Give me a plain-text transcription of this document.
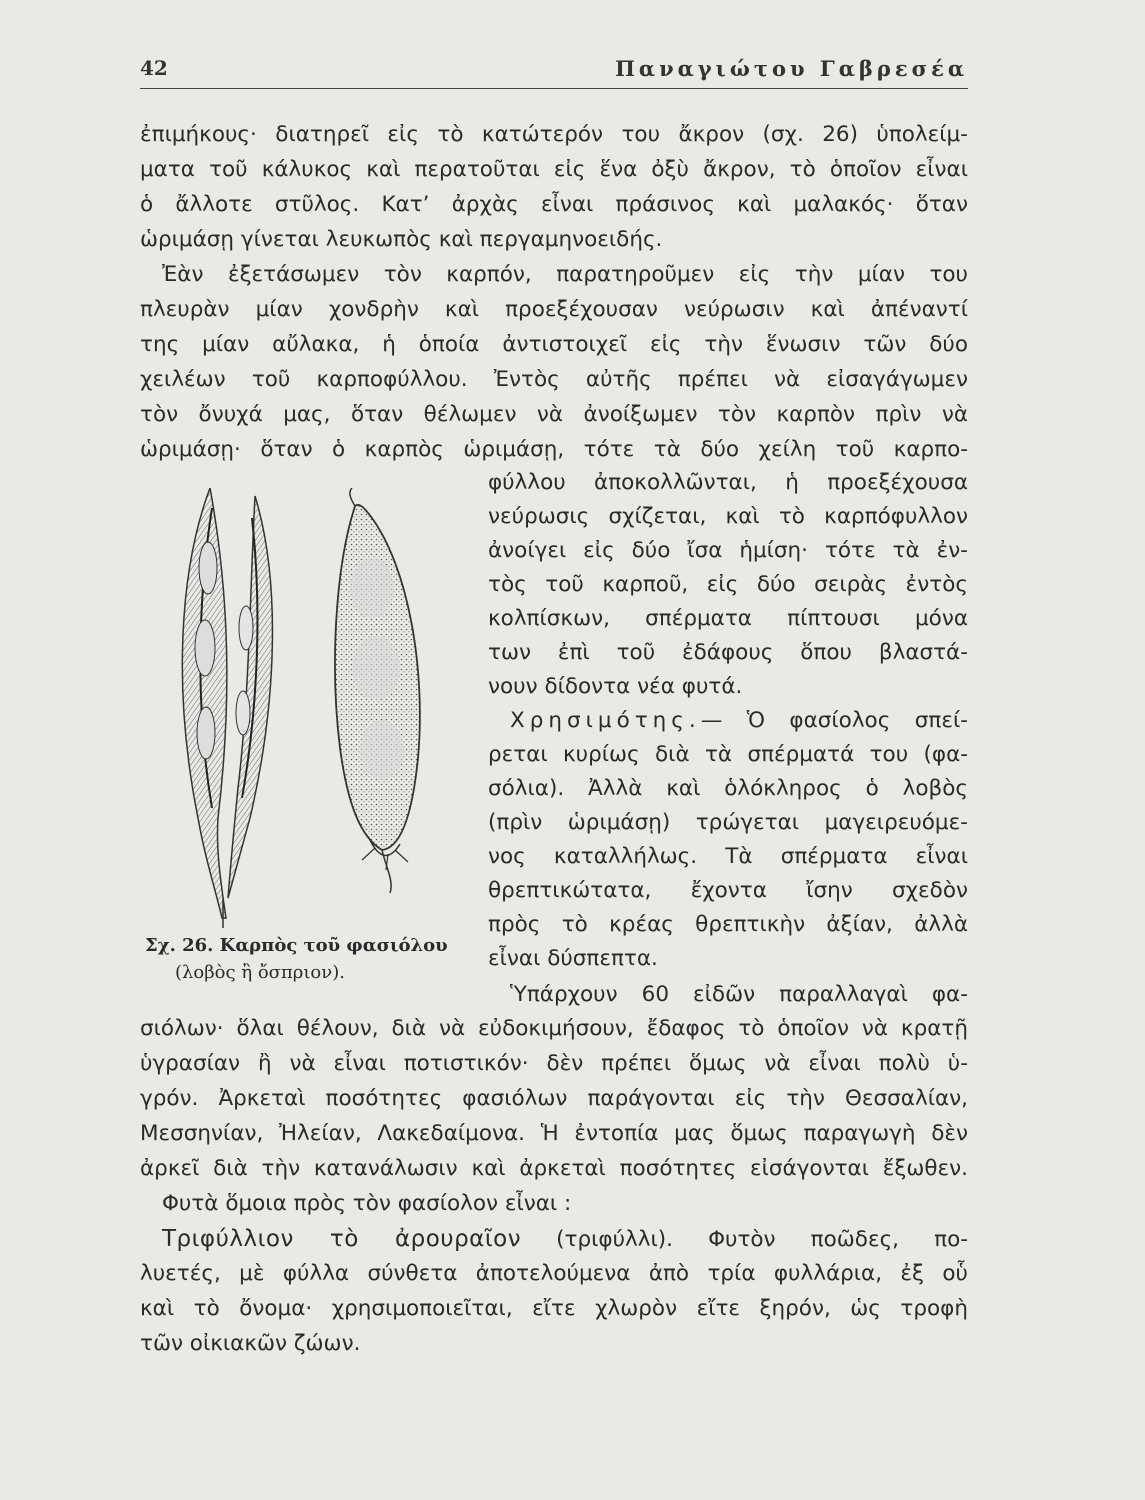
42	Παναγιώτου Γαβρεσέα
ἐπιμήκους· διατηρεῖ εἰς τὸ κατώτερόν του ἄκρον (σχ. 26) ὑπολείμ-
ματα τοῦ κάλυκος καὶ περατοῦται εἰς ἕνα ὀξὺ ἄκρον, τὸ ὁποῖον εἶναι
ὁ ἄλλοτε στῦλος. Κατ’ ἀρχὰς εἶναι πράσινος καὶ μαλακός· ὅταν
ὡριμάσῃ γίνεται λευκωπὸς καὶ περγαμηνοειδής.
Ἐὰν ἐξετάσωμεν τὸν καρπόν, παρατηροῦμεν εἰς τὴν μίαν του
πλευρὰν μίαν χονδρὴν καὶ προεξέχουσαν νεύρωσιν καὶ ἀπέναντί
της μίαν αὔλακα, ἡ ὁποία ἀντιστοιχεῖ εἰς τὴν ἕνωσιν τῶν δύο
χειλέων τοῦ καρποφύλλου. Ἐντὸς αὐτῆς πρέπει νὰ εἰσαγάγωμεν
τὸν ὄνυχά μας, ὅταν θέλωμεν νὰ ἀνοίξωμεν τὸν καρπὸν πρὶν νὰ
ὡριμάσῃ· ὅταν ὁ καρπὸς ὡριμάσῃ, τότε τὰ δύο χείλη τοῦ καρπο-
φύλλου ἀποκολλῶνται, ἡ προεξέχουσα
νεύρωσις σχίζεται, καὶ τὸ καρπόφυλλον
ἀνοίγει εἰς δύο ἴσα ἡμίση· τότε τὰ ἐν-
τὸς τοῦ καρποῦ, εἰς δύο σειρὰς ἐντὸς
κολπίσκων, σπέρματα πίπτουσι μόνα
των ἐπὶ τοῦ ἐδάφους ὅπου βλαστά-
νουν δίδοντα νέα φυτά.
Χρησιμότης.— Ὁ φασίολος σπεί-
ρεται κυρίως διὰ τὰ σπέρματά του (φα-
σόλια). Ἀλλὰ καὶ ὁλόκληρος ὁ λοβὸς
(πρὶν ὡριμάσῃ) τρώγεται μαγειρευόμε-
νος καταλλήλως. Τὰ σπέρματα εἶναι
θρεπτικώτατα, ἔχοντα ἴσην σχεδὸν
πρὸς τὸ κρέας θρεπτικὴν ἀξίαν, ἀλλὰ
εἶναι δύσπεπτα.
Ὑπάρχουν 60 εἰδῶν παραλλαγαὶ φα-
Σχ. 26. Καρπὸς τοῦ φασιόλου
(λοβὸς ἢ ὄσπριον).
σιόλων· ὅλαι θέλουν, διὰ νὰ εὐδοκιμήσουν, ἔδαφος τὸ ὁποῖον νὰ κρατῇ
ὑγρασίαν ἢ νὰ εἶναι ποτιστικόν· δὲν πρέπει ὅμως νὰ εἶναι πολὺ ὑ-
γρόν. Ἀρκεταὶ ποσότητες φασιόλων παράγονται εἰς τὴν Θεσσαλίαν,
Μεσσηνίαν, Ἠλείαν, Λακεδαίμονα. Ἡ ἐντοπία μας ὅμως παραγωγὴ δὲν
ἀρκεῖ διὰ τὴν κατανάλωσιν καὶ ἀρκεταὶ ποσότητες εἰσάγονται ἔξωθεν.
Φυτὰ ὅμοια πρὸς τὸν φασίολον εἶναι :
Τριφύλλιον τὸ ἀρουραῖον (τριφύλλι). Φυτὸν ποῶδες, πο-
λυετές, μὲ φύλλα σύνθετα ἀποτελούμενα ἀπὸ τρία φυλλάρια, ἐξ οὗ
καὶ τὸ ὄνομα· χρησιμοποιεῖται, εἴτε χλωρὸν εἴτε ξηρόν, ὡς τροφὴ
τῶν οἰκιακῶν ζώων.
